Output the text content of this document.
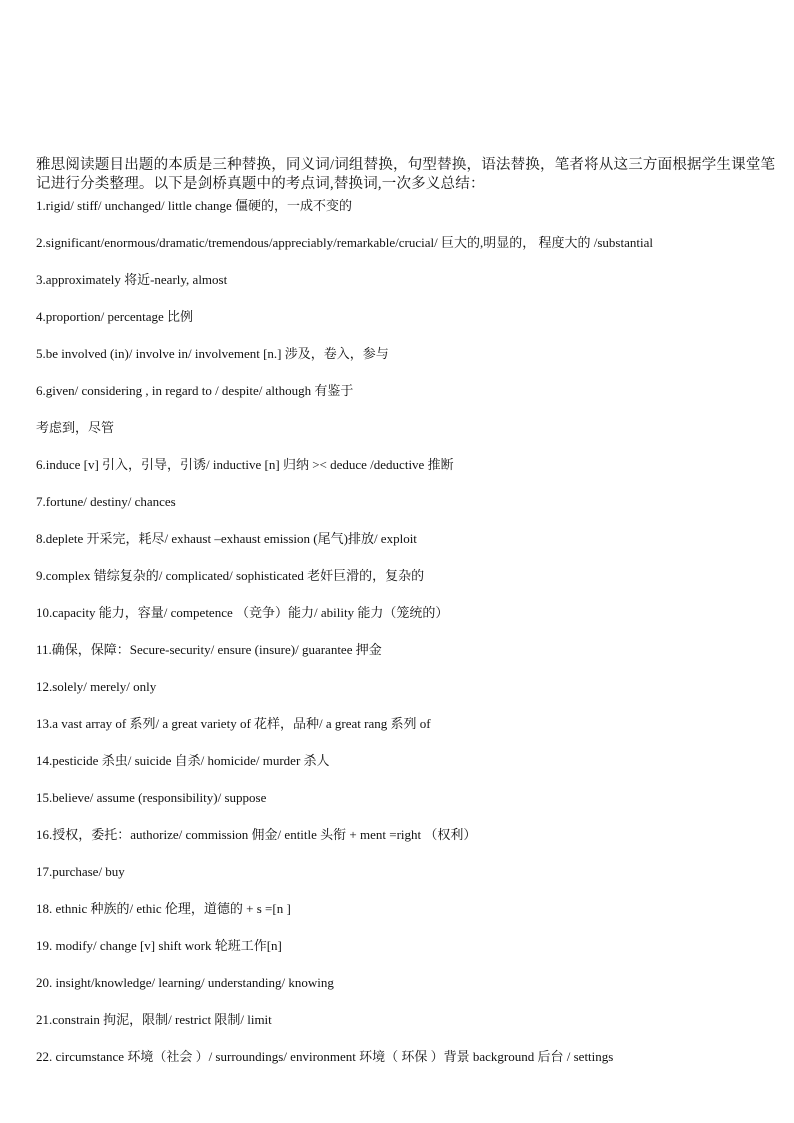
雅思阅读题目出题的本质是三种替换，同义词/词组替换，句型替换，语法替换，笔者将从这三方面根据学生课堂笔记进行分类整理。以下是剑桥真题中的考点词,替换词,一次多义总结：

1.rigid/ stiff/ unchanged/ little change 僵硬的，一成不变的
2.significant/enormous/dramatic/tremendous/appreciably/remarkable/crucial/ 巨大的,明显的， 程度大的 /substantial
3.approximately 将近-nearly, almost
4.proportion/ percentage 比例
5.be involved (in)/ involve in/ involvement [n.] 涉及，卷入，参与
6.given/ considering , in regard to / despite/ although 有鉴于
考虑到，尽管
6.induce [v] 引入，引导，引诱/ inductive [n] 归纳 >< deduce /deductive 推断
7.fortune/ destiny/ chances
8.deplete 开采完，耗尽/ exhaust –exhaust emission (尾气)排放/ exploit
9.complex 错综复杂的/ complicated/ sophisticated 老奸巨滑的，复杂的
10.capacity 能力，容量/ competence （竞争）能力/ ability 能力（笼统的）
11.确保，保障：Secure-security/ ensure (insure)/ guarantee 押金
12.solely/ merely/ only
13.a vast array of 系列/ a great variety of 花样，品种/ a great rang 系列 of
14.pesticide 杀虫/ suicide 自杀/ homicide/ murder 杀人
15.believe/ assume (responsibility)/ suppose
16.授权，委托：authorize/ commission 佣金/ entitle 头衔 + ment =right （权利）
17.purchase/ buy
18. ethnic 种族的/ ethic 伦理，道德的 + s =[n ]
19. modify/ change [v] shift work 轮班工作[n]
20. insight/knowledge/ learning/ understanding/ knowing
21.constrain 拘泥，限制/ restrict 限制/ limit
22. circumstance 环境（社会 ）/ surroundings/ environment 环境（ 环保 ）背景 background 后台 / settings
